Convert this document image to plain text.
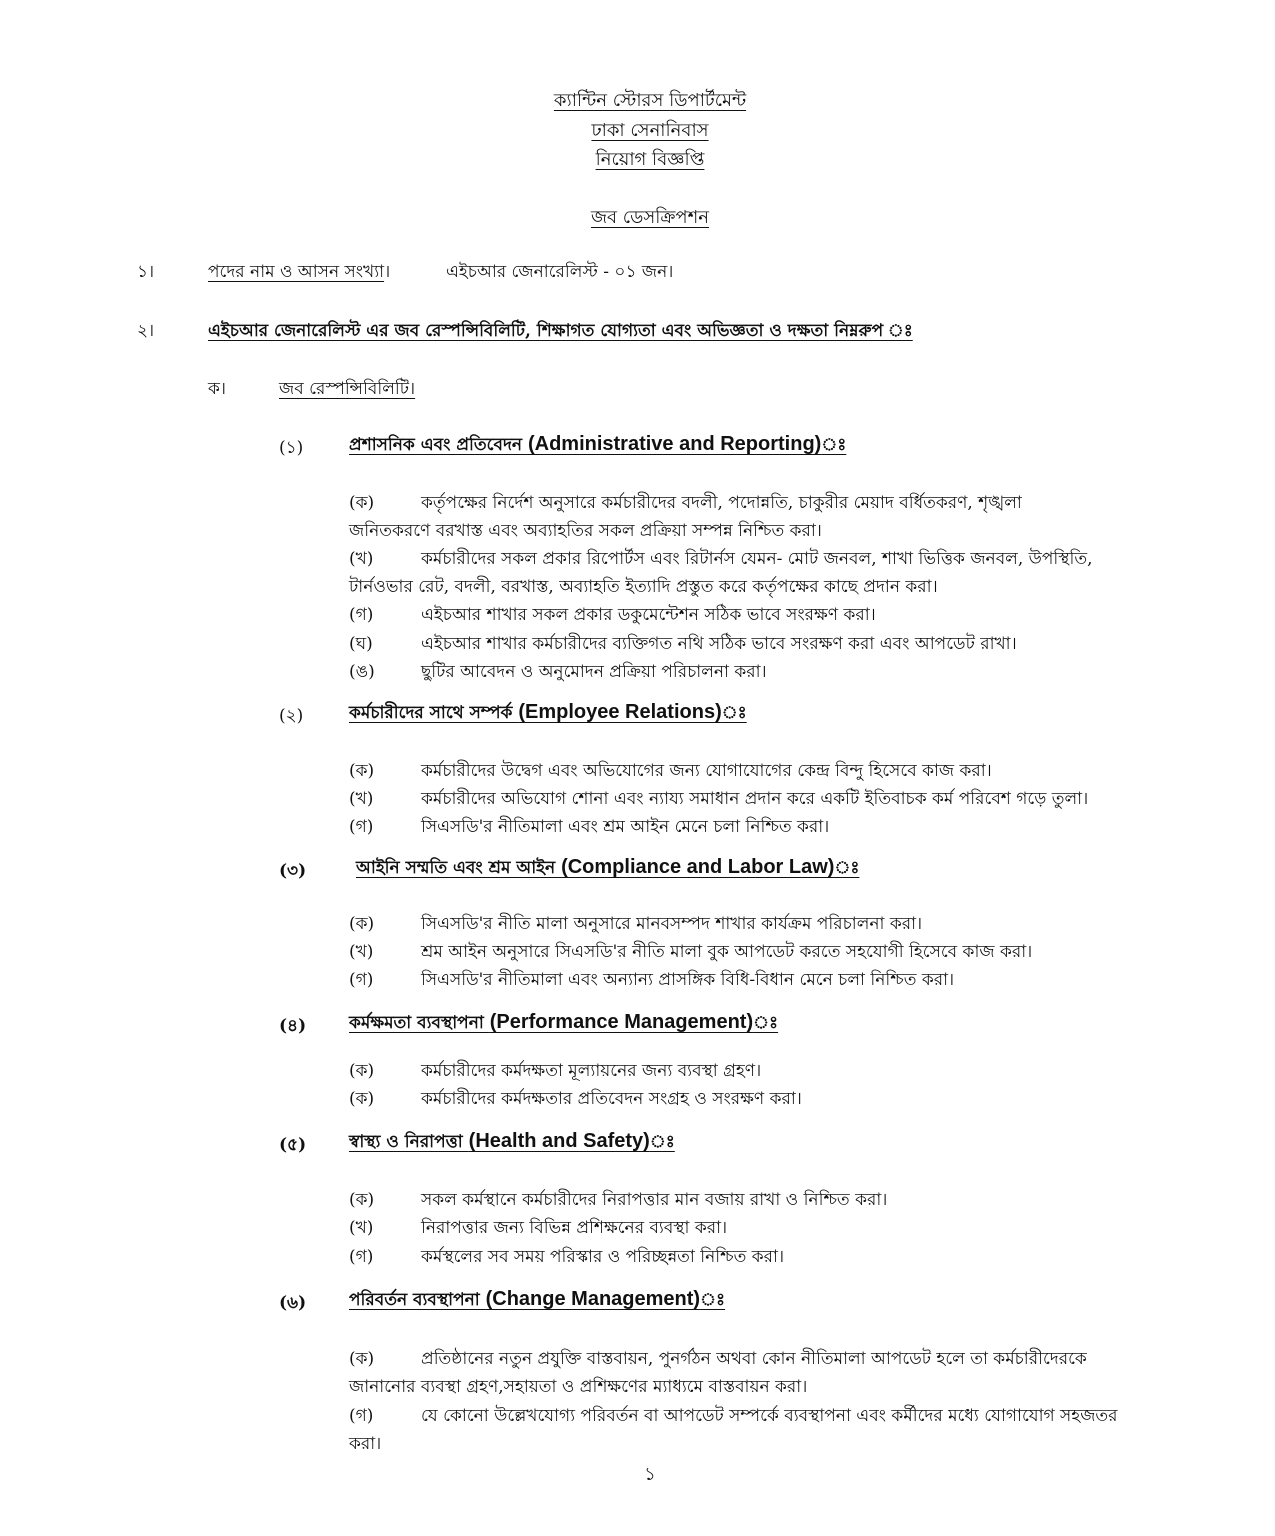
ক্যান্টিন স্টোরস ডিপার্টমেন্ট
ঢাকা সেনানিবাস
নিয়োগ বিজ্ঞপ্তি
জব ডেসক্রিপশন
১।	পদের নাম ও আসন সংখ্যা।	এইচআর জেনারেলিস্ট - ০১ জন।
২।	এইচআর জেনারেলিস্ট এর জব রেস্পন্সিবিলিটি, শিক্ষাগত যোগ্যতা এবং অভিজ্ঞতা ও দক্ষতা নিম্নরুপ ঃ
ক।	জব রেস্পন্সিবিলিটি।
(১)	প্রশাসনিক এবং প্রতিবেদন (Administrative and Reporting)ঃ
(ক)	কর্তৃপক্ষের নির্দেশ অনুসারে কর্মচারীদের বদলী, পদোন্নতি, চাকুরীর মেয়াদ বর্ধিতকরণ, শৃঙ্খলা
জনিতকরণে বরখাস্ত এবং অব্যাহতির সকল প্রক্রিয়া সম্পন্ন নিশ্চিত করা।
(খ)	কর্মচারীদের সকল প্রকার রিপোর্টস এবং রিটার্নস যেমন- মোট জনবল, শাখা ভিত্তিক জনবল, উপস্থিতি,
টার্নওভার রেট, বদলী, বরখাস্ত, অব্যাহতি ইত্যাদি প্রস্তুত করে কর্তৃপক্ষের কাছে প্রদান করা।
(গ)	এইচআর শাখার সকল প্রকার ডকুমেন্টেশন সঠিক ভাবে সংরক্ষণ করা।
(ঘ)	এইচআর শাখার কর্মচারীদের ব্যক্তিগত নথি সঠিক ভাবে সংরক্ষণ করা এবং আপডেট রাখা।
(ঙ)	ছুটির আবেদন ও অনুমোদন প্রক্রিয়া পরিচালনা করা।
(২)	কর্মচারীদের সাথে সম্পর্ক (Employee Relations)ঃ
(ক)	কর্মচারীদের উদ্বেগ এবং অভিযোগের জন্য যোগাযোগের কেন্দ্র বিন্দু হিসেবে কাজ করা।
(খ)	কর্মচারীদের অভিযোগ শোনা এবং ন্যায্য সমাধান প্রদান করে একটি ইতিবাচক কর্ম পরিবেশ গড়ে তুলা।
(গ)	সিএসডি'র নীতিমালা এবং শ্রম আইন মেনে চলা নিশ্চিত করা।
(৩)	আইনি সম্মতি এবং শ্রম আইন (Compliance and Labor Law)ঃ
(ক)	সিএসডি'র নীতি মালা অনুসারে মানবসম্পদ শাখার কার্যক্রম পরিচালনা করা।
(খ)	শ্রম আইন অনুসারে সিএসডি'র নীতি মালা বুক আপডেট করতে সহযোগী হিসেবে কাজ করা।
(গ)	সিএসডি'র নীতিমালা এবং অন্যান্য প্রাসঙ্গিক বিধি-বিধান মেনে চলা নিশ্চিত করা।
(৪)	কর্মক্ষমতা ব্যবস্থাপনা (Performance Management)ঃ
(ক)	কর্মচারীদের কর্মদক্ষতা মূল্যায়নের জন্য ব্যবস্থা গ্রহণ।
(ক)	কর্মচারীদের কর্মদক্ষতার প্রতিবেদন সংগ্রহ ও সংরক্ষণ করা।
(৫)	স্বাস্থ্য ও নিরাপত্তা (Health and Safety)ঃ
(ক)	সকল কর্মস্থানে কর্মচারীদের নিরাপত্তার মান বজায় রাখা ও নিশ্চিত করা।
(খ)	নিরাপত্তার জন্য বিভিন্ন প্রশিক্ষনের ব্যবস্থা করা।
(গ)	কর্মস্থলের সব সময় পরিস্কার ও পরিচ্ছন্নতা নিশ্চিত করা।
(৬)	পরিবর্তন ব্যবস্থাপনা (Change Management)ঃ
(ক)	প্রতিষ্ঠানের নতুন প্রযুক্তি বাস্তবায়ন, পুনর্গঠন অথবা কোন নীতিমালা আপডেট হলে তা কর্মচারীদেরকে
জানানোর ব্যবস্থা গ্রহণ,সহায়তা ও প্রশিক্ষণের ম্যাধ্যমে বাস্তবায়ন করা।
(গ)	যে কোনো উল্লেখযোগ্য পরিবর্তন বা আপডেট সম্পর্কে ব্যবস্থাপনা এবং কর্মীদের মধ্যে যোগাযোগ সহজতর
করা।
১
